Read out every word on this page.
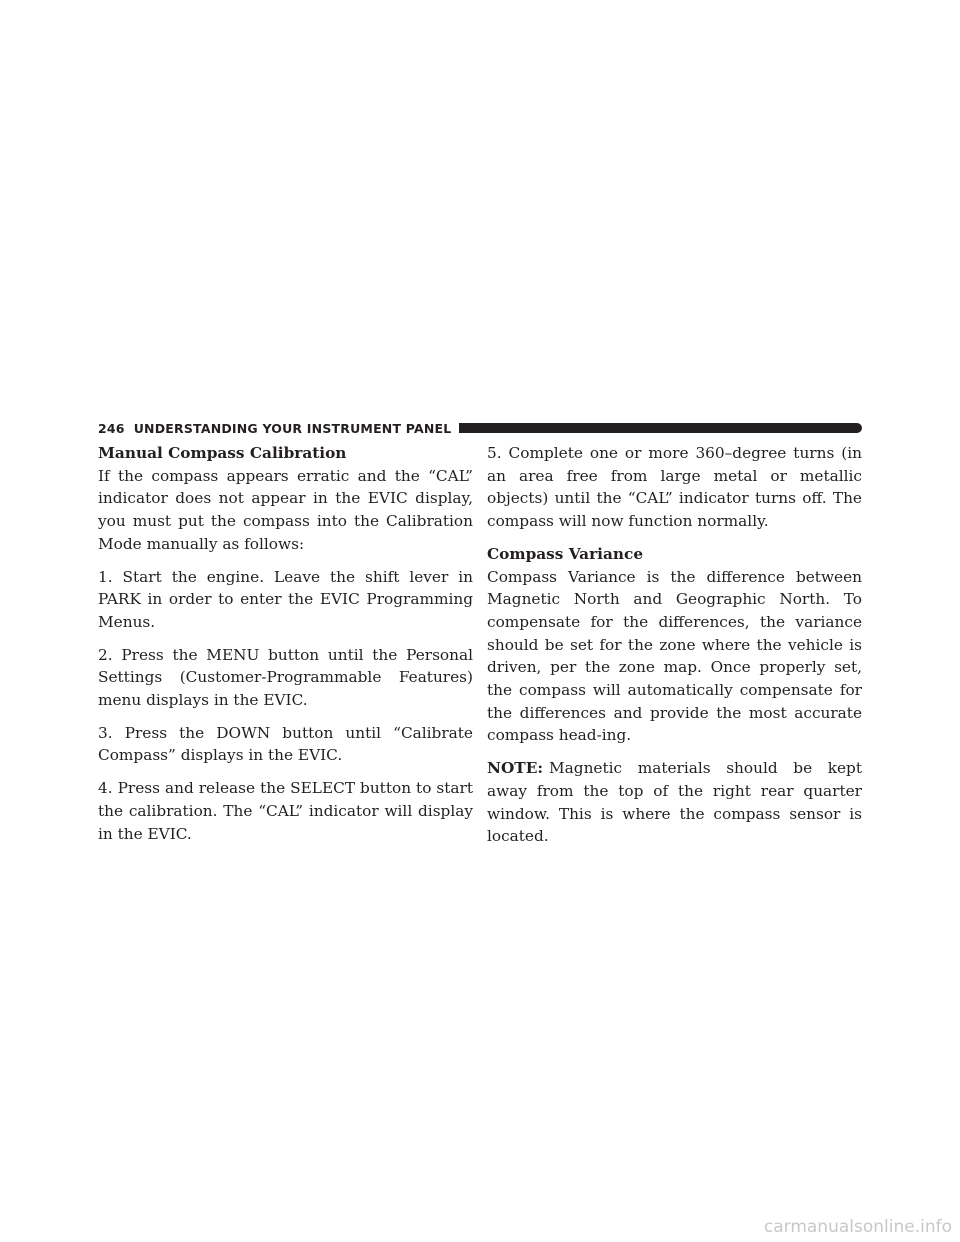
246 UNDERSTANDING YOUR INSTRUMENT PANEL
Manual Compass Calibration

If the compass appears erratic and the “CAL” indicator does not appear in the EVIC display, you must put the compass into the Calibration Mode manually as follows:

1. Start the engine. Leave the shift lever in PARK in order to enter the EVIC Programming Menus.

2. Press the MENU button until the Personal Settings (Customer-Programmable Features) menu displays in the EVIC.

3. Press the DOWN button until “Calibrate Compass” displays in the EVIC.

4. Press and release the SELECT button to start the calibration. The “CAL” indicator will display in the EVIC.

5. Complete one or more 360–degree turns (in an area free from large metal or metallic objects) until the “CAL” indicator turns off. The compass will now function normally.

Compass Variance

Compass Variance is the difference between Magnetic North and Geographic North. To compensate for the differences, the variance should be set for the zone where the vehicle is driven, per the zone map. Once properly set, the compass will automatically compensate for the differences and provide the most accurate compass head-ing.

NOTE: Magnetic materials should be kept away from the top of the right rear quarter window. This is where the compass sensor is located.

carmanualsonline.info
